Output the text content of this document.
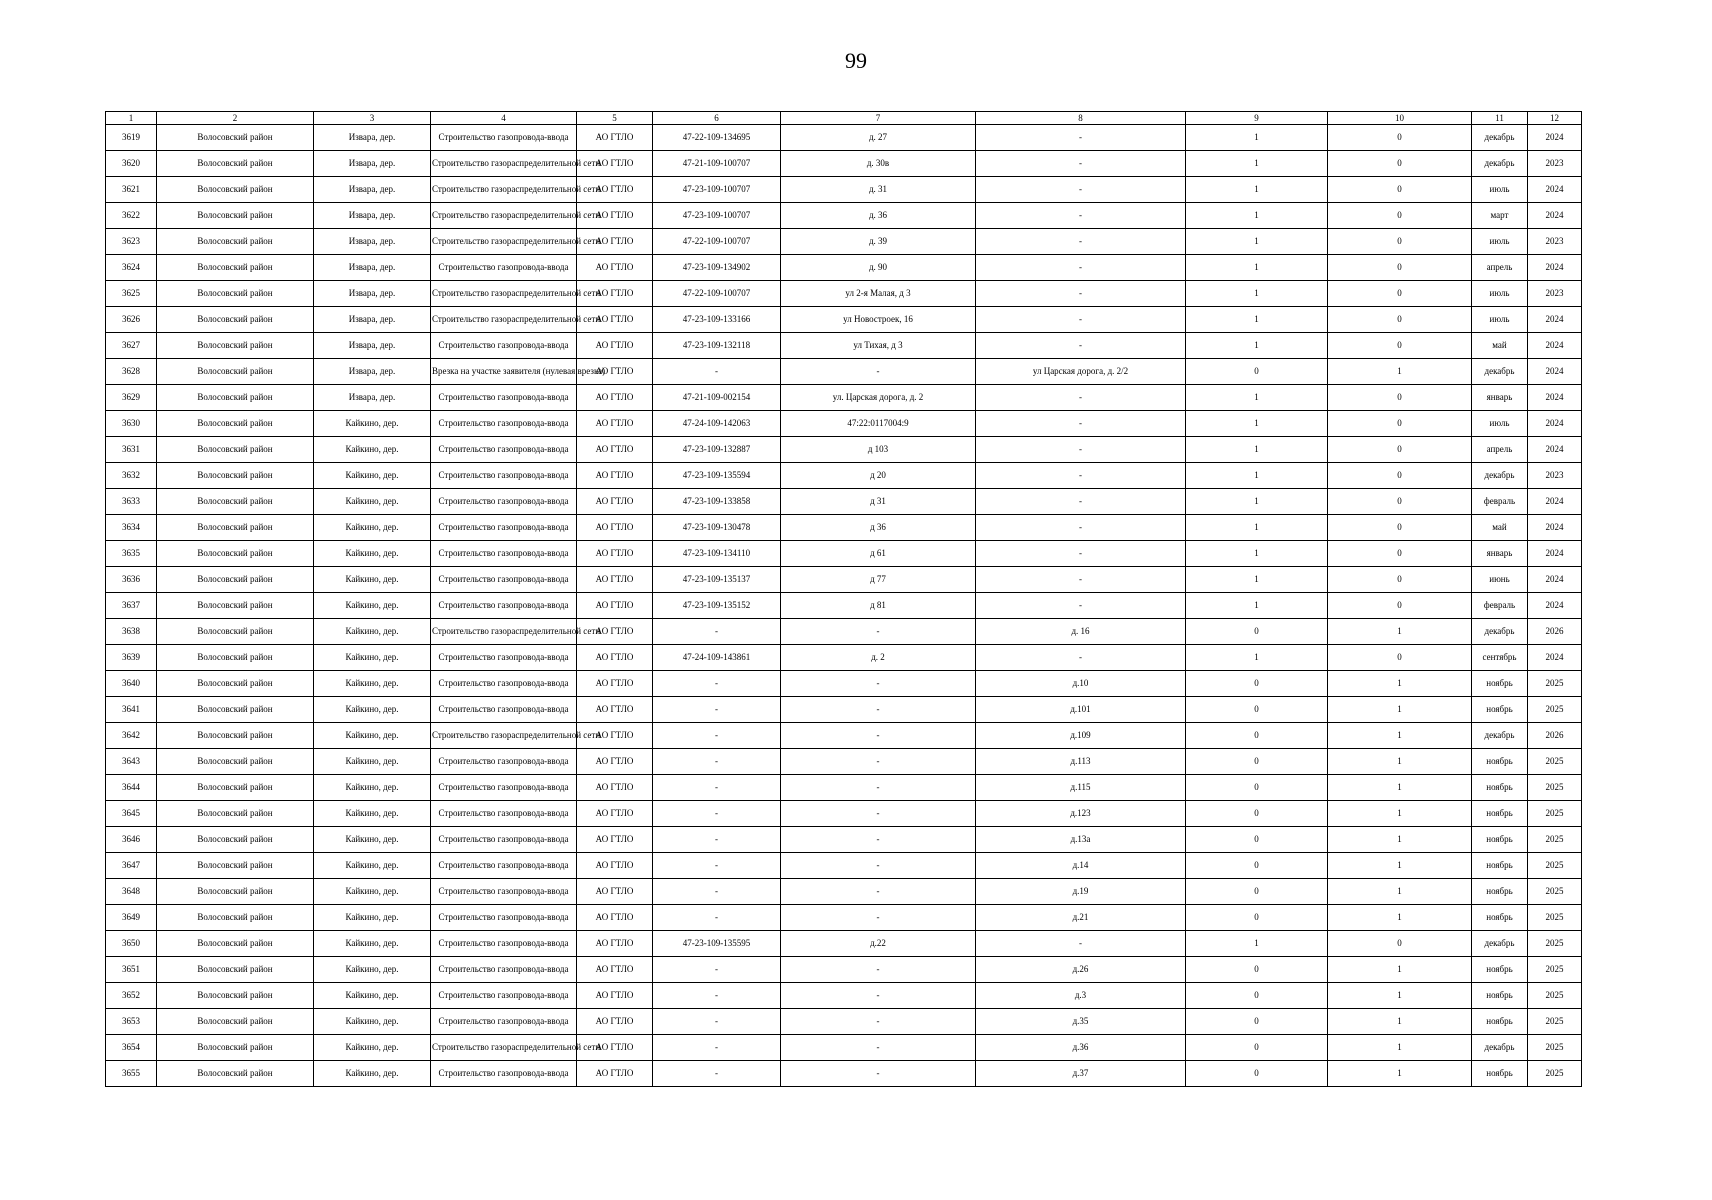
99
1	2	3	4	5	6	7	8	9	10	11	12
3619	Волосовский район	Извара, дер.	Строительство газопровода-ввода	АО ГТЛО	47-22-109-134695	д. 27	-	1	0	декабрь	2024
3620	Волосовский район	Извара, дер.	Строительство газораспределительной сети	АО ГТЛО	47-21-109-100707	д. 30в	-	1	0	декабрь	2023
3621	Волосовский район	Извара, дер.	Строительство газораспределительной сети	АО ГТЛО	47-23-109-100707	д. 31	-	1	0	июль	2024
3622	Волосовский район	Извара, дер.	Строительство газораспределительной сети	АО ГТЛО	47-23-109-100707	д. 36	-	1	0	март	2024
3623	Волосовский район	Извара, дер.	Строительство газораспределительной сети	АО ГТЛО	47-22-109-100707	д. 39	-	1	0	июль	2023
3624	Волосовский район	Извара, дер.	Строительство газопровода-ввода	АО ГТЛО	47-23-109-134902	д. 90	-	1	0	апрель	2024
3625	Волосовский район	Извара, дер.	Строительство газораспределительной сети	АО ГТЛО	47-22-109-100707	ул 2-я Малая, д 3	-	1	0	июль	2023
3626	Волосовский район	Извара, дер.	Строительство газораспределительной сети	АО ГТЛО	47-23-109-133166	ул Новостроек, 16	-	1	0	июль	2024
3627	Волосовский район	Извара, дер.	Строительство газопровода-ввода	АО ГТЛО	47-23-109-132118	ул Тихая, д 3	-	1	0	май	2024
3628	Волосовский район	Извара, дер.	Врезка на участке заявителя (нулевая врезка)	АО ГТЛО	-	-	ул Царская дорога, д. 2/2	0	1	декабрь	2024
3629	Волосовский район	Извара, дер.	Строительство газопровода-ввода	АО ГТЛО	47-21-109-002154	ул. Царская дорога, д. 2	-	1	0	январь	2024
3630	Волосовский район	Кайкино, дер.	Строительство газопровода-ввода	АО ГТЛО	47-24-109-142063	47:22:0117004:9	-	1	0	июль	2024
3631	Волосовский район	Кайкино, дер.	Строительство газопровода-ввода	АО ГТЛО	47-23-109-132887	д 103	-	1	0	апрель	2024
3632	Волосовский район	Кайкино, дер.	Строительство газопровода-ввода	АО ГТЛО	47-23-109-135594	д 20	-	1	0	декабрь	2023
3633	Волосовский район	Кайкино, дер.	Строительство газопровода-ввода	АО ГТЛО	47-23-109-133858	д 31	-	1	0	февраль	2024
3634	Волосовский район	Кайкино, дер.	Строительство газопровода-ввода	АО ГТЛО	47-23-109-130478	д 36	-	1	0	май	2024
3635	Волосовский район	Кайкино, дер.	Строительство газопровода-ввода	АО ГТЛО	47-23-109-134110	д 61	-	1	0	январь	2024
3636	Волосовский район	Кайкино, дер.	Строительство газопровода-ввода	АО ГТЛО	47-23-109-135137	д 77	-	1	0	июнь	2024
3637	Волосовский район	Кайкино, дер.	Строительство газопровода-ввода	АО ГТЛО	47-23-109-135152	д 81	-	1	0	февраль	2024
3638	Волосовский район	Кайкино, дер.	Строительство газораспределительной сети	АО ГТЛО	-	-	д. 16	0	1	декабрь	2026
3639	Волосовский район	Кайкино, дер.	Строительство газопровода-ввода	АО ГТЛО	47-24-109-143861	д. 2	-	1	0	сентябрь	2024
3640	Волосовский район	Кайкино, дер.	Строительство газопровода-ввода	АО ГТЛО	-	-	д.10	0	1	ноябрь	2025
3641	Волосовский район	Кайкино, дер.	Строительство газопровода-ввода	АО ГТЛО	-	-	д.101	0	1	ноябрь	2025
3642	Волосовский район	Кайкино, дер.	Строительство газораспределительной сети	АО ГТЛО	-	-	д.109	0	1	декабрь	2026
3643	Волосовский район	Кайкино, дер.	Строительство газопровода-ввода	АО ГТЛО	-	-	д.113	0	1	ноябрь	2025
3644	Волосовский район	Кайкино, дер.	Строительство газопровода-ввода	АО ГТЛО	-	-	д.115	0	1	ноябрь	2025
3645	Волосовский район	Кайкино, дер.	Строительство газопровода-ввода	АО ГТЛО	-	-	д.123	0	1	ноябрь	2025
3646	Волосовский район	Кайкино, дер.	Строительство газопровода-ввода	АО ГТЛО	-	-	д.13а	0	1	ноябрь	2025
3647	Волосовский район	Кайкино, дер.	Строительство газопровода-ввода	АО ГТЛО	-	-	д.14	0	1	ноябрь	2025
3648	Волосовский район	Кайкино, дер.	Строительство газопровода-ввода	АО ГТЛО	-	-	д.19	0	1	ноябрь	2025
3649	Волосовский район	Кайкино, дер.	Строительство газопровода-ввода	АО ГТЛО	-	-	д.21	0	1	ноябрь	2025
3650	Волосовский район	Кайкино, дер.	Строительство газопровода-ввода	АО ГТЛО	47-23-109-135595	д.22	-	1	0	декабрь	2025
3651	Волосовский район	Кайкино, дер.	Строительство газопровода-ввода	АО ГТЛО	-	-	д.26	0	1	ноябрь	2025
3652	Волосовский район	Кайкино, дер.	Строительство газопровода-ввода	АО ГТЛО	-	-	д.3	0	1	ноябрь	2025
3653	Волосовский район	Кайкино, дер.	Строительство газопровода-ввода	АО ГТЛО	-	-	д.35	0	1	ноябрь	2025
3654	Волосовский район	Кайкино, дер.	Строительство газораспределительной сети	АО ГТЛО	-	-	д.36	0	1	декабрь	2025
3655	Волосовский район	Кайкино, дер.	Строительство газопровода-ввода	АО ГТЛО	-	-	д.37	0	1	ноябрь	2025
